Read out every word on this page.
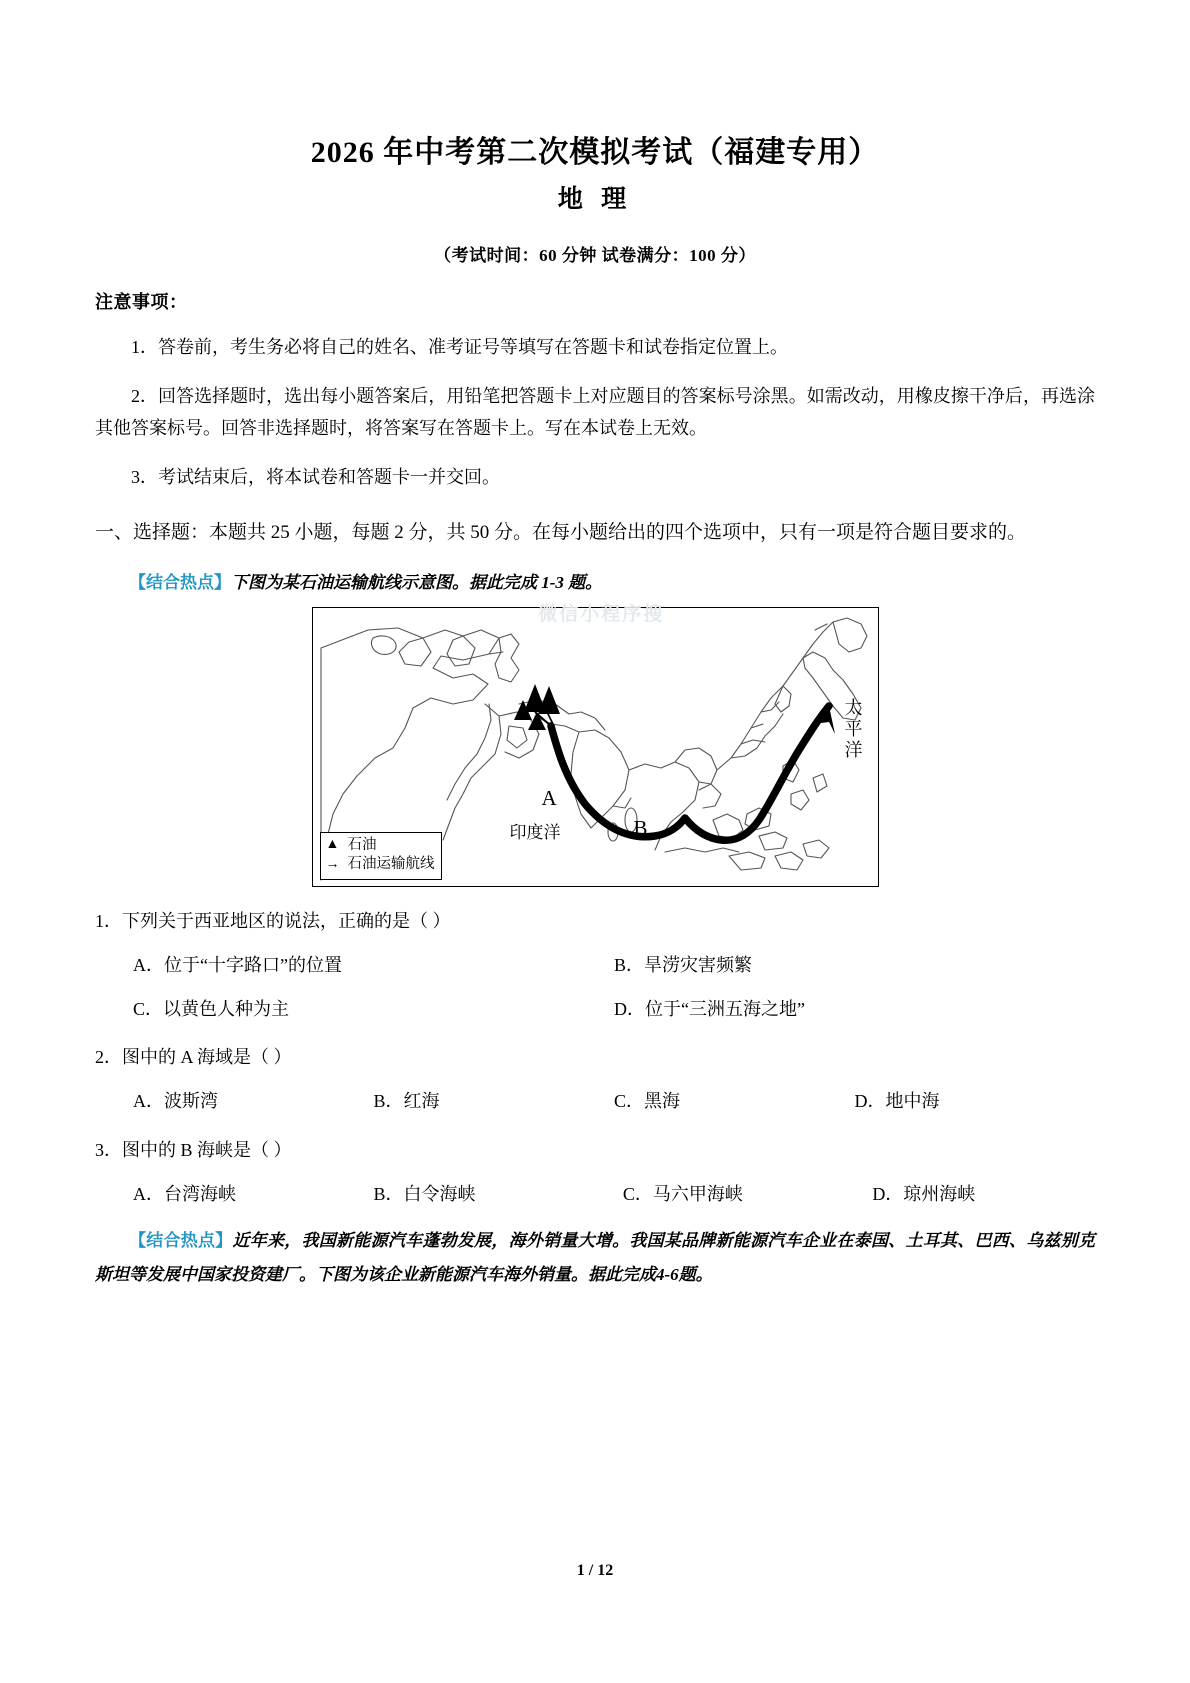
2026 年中考第二次模拟考试（福建专用）
地 理

（考试时间：60 分钟 试卷满分：100 分）

注意事项：

1．答卷前，考生务必将自己的姓名、准考证号等填写在答题卡和试卷指定位置上。

2．回答选择题时，选出每小题答案后，用铅笔把答题卡上对应题目的答案标号涂黑。如需改动，用橡皮擦干净后，再选涂其他答案标号。回答非选择题时，将答案写在答题卡上。写在本试卷上无效。

3．考试结束后，将本试卷和答题卡一并交回。

一、选择题：本题共 25 小题，每题 2 分，共 50 分。在每小题给出的四个选项中，只有一项是符合题目要求的。

【结合热点】下图为某石油运输航线示意图。据此完成 1-3 题。

微信小程序搜
太平洋
印度洋
A
B
▲ 石油
→ 石油运输航线

1．下列关于西亚地区的说法，正确的是（ ）

A．位于“十字路口”的位置	B．旱涝灾害频繁
C．以黄色人种为主	D．位于“三洲五海之地”

2．图中的 A 海域是（ ）

A．波斯湾	B．红海	C．黑海	D．地中海

3．图中的 B 海峡是（ ）

A．台湾海峡	B．白令海峡	C．马六甲海峡	D．琼州海峡

【结合热点】近年来，我国新能源汽车蓬勃发展，海外销量大增。我国某品牌新能源汽车企业在泰国、土耳其、巴西、乌兹别克斯坦等发展中国家投资建厂。下图为该企业新能源汽车海外销量。据此完成4-6题。

1 / 12
